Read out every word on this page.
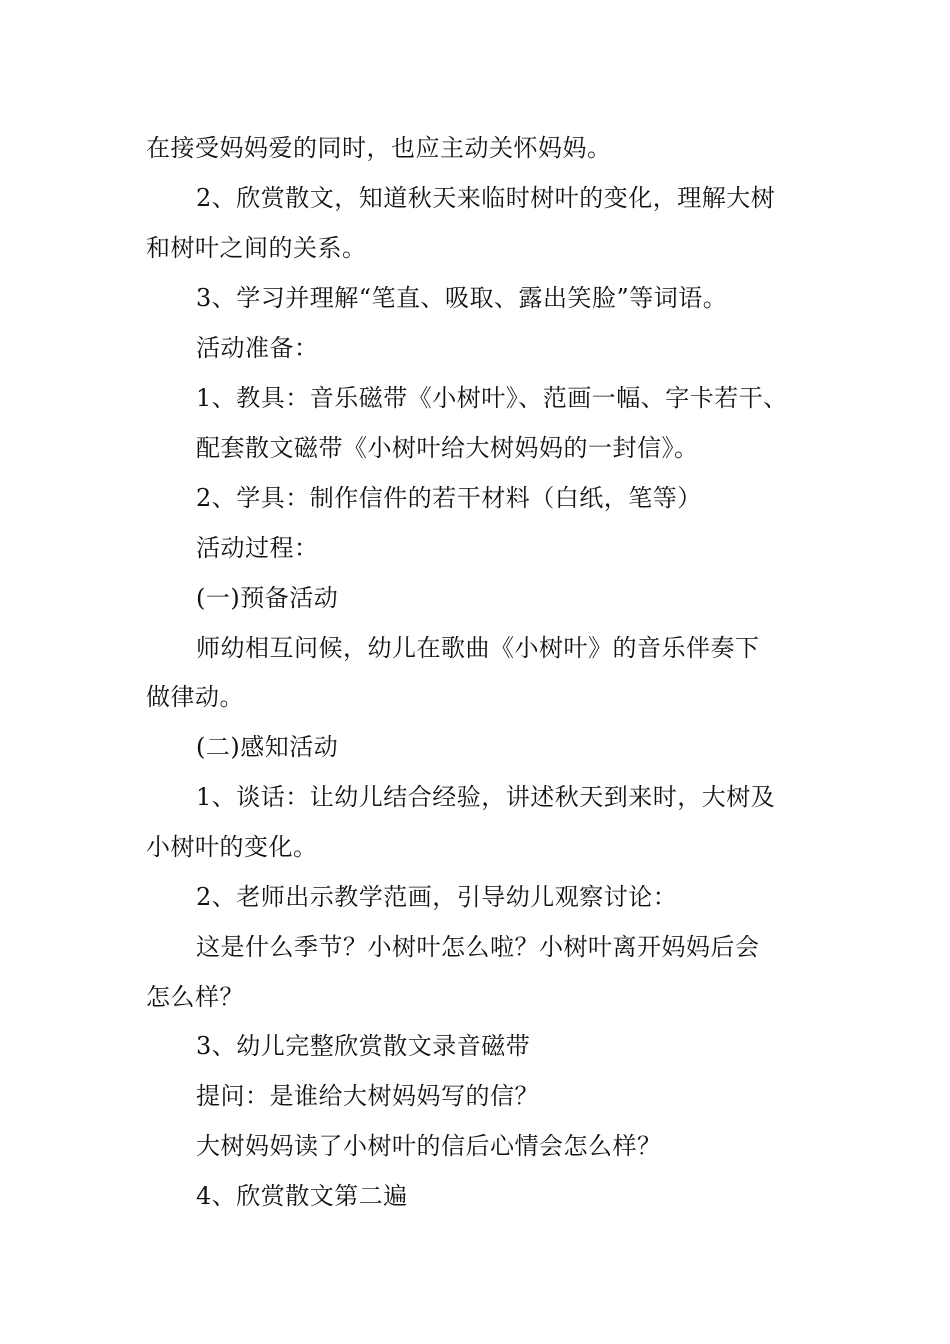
在接受妈妈爱的同时，也应主动关怀妈妈。
2、欣赏散文，知道秋天来临时树叶的变化，理解大树
和树叶之间的关系。
3、学习并理解“笔直、吸取、露出笑脸”等词语。
活动准备：
1、教具：音乐磁带《小树叶》、范画一幅、字卡若干、
配套散文磁带《小树叶给大树妈妈的一封信》。
2、学具：制作信件的若干材料（白纸，笔等）
活动过程：
(一)预备活动
师幼相互问候，幼儿在歌曲《小树叶》的音乐伴奏下
做律动。
(二)感知活动
1、谈话：让幼儿结合经验，讲述秋天到来时，大树及
小树叶的变化。
2、老师出示教学范画，引导幼儿观察讨论：
这是什么季节？小树叶怎么啦？小树叶离开妈妈后会
怎么样？
3、幼儿完整欣赏散文录音磁带
提问：是谁给大树妈妈写的信？
大树妈妈读了小树叶的信后心情会怎么样？
4、欣赏散文第二遍
